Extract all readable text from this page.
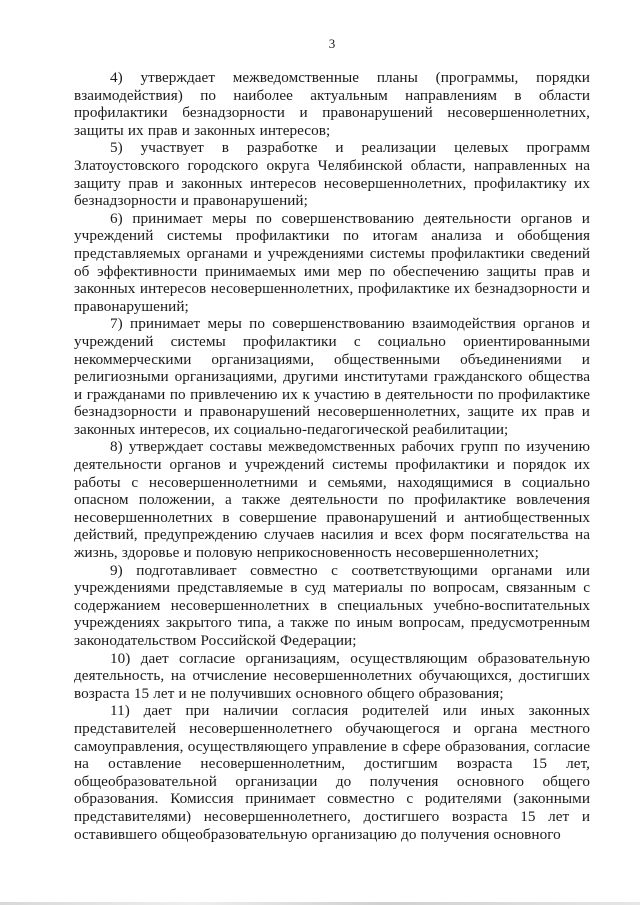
3

4) утверждает межведомственные планы (программы, порядки взаимодействия) по наиболее актуальным направлениям в области профилактики безнадзорности и правонарушений несовершеннолетних, защиты их прав и законных интересов;

5) участвует в разработке и реализации целевых программ Златоустовского городского округа Челябинской области, направленных на защиту прав и законных интересов несовершеннолетних, профилактику их безнадзорности и правонарушений;

6) принимает меры по совершенствованию деятельности органов и учреждений системы профилактики по итогам анализа и обобщения представляемых органами и учреждениями системы профилактики сведений об эффективности принимаемых ими мер по обеспечению защиты прав и законных интересов несовершеннолетних, профилактике их безнадзорности и правонарушений;

7) принимает меры по совершенствованию взаимодействия органов и учреждений системы профилактики с социально ориентированными некоммерческими организациями, общественными объединениями и религиозными организациями, другими институтами гражданского общества и гражданами по привлечению их к участию в деятельности по профилактике безнадзорности и правонарушений несовершеннолетних, защите их прав и законных интересов, их социально-педагогической реабилитации;

8) утверждает составы межведомственных рабочих групп по изучению деятельности органов и учреждений системы профилактики и порядок их работы с несовершеннолетними и семьями, находящимися в социально опасном положении, а также деятельности по профилактике вовлечения несовершеннолетних в совершение правонарушений и антиобщественных действий, предупреждению случаев насилия и всех форм посягательства на жизнь, здоровье и половую неприкосновенность несовершеннолетних;

9) подготавливает совместно с соответствующими органами или учреждениями представляемые в суд материалы по вопросам, связанным с содержанием несовершеннолетних в специальных учебно-воспитательных учреждениях закрытого типа, а также по иным вопросам, предусмотренным законодательством Российской Федерации;

10) дает согласие организациям, осуществляющим образовательную деятельность, на отчисление несовершеннолетних обучающихся, достигших возраста 15 лет и не получивших основного общего образования;

11) дает при наличии согласия родителей или иных законных представителей несовершеннолетнего обучающегося и органа местного самоуправления, осуществляющего управление в сфере образования, согласие на оставление несовершеннолетним, достигшим возраста 15 лет, общеобразовательной организации до получения основного общего образования. Комиссия принимает совместно с родителями (законными представителями) несовершеннолетнего, достигшего возраста 15 лет и оставившего общеобразовательную организацию до получения основного
